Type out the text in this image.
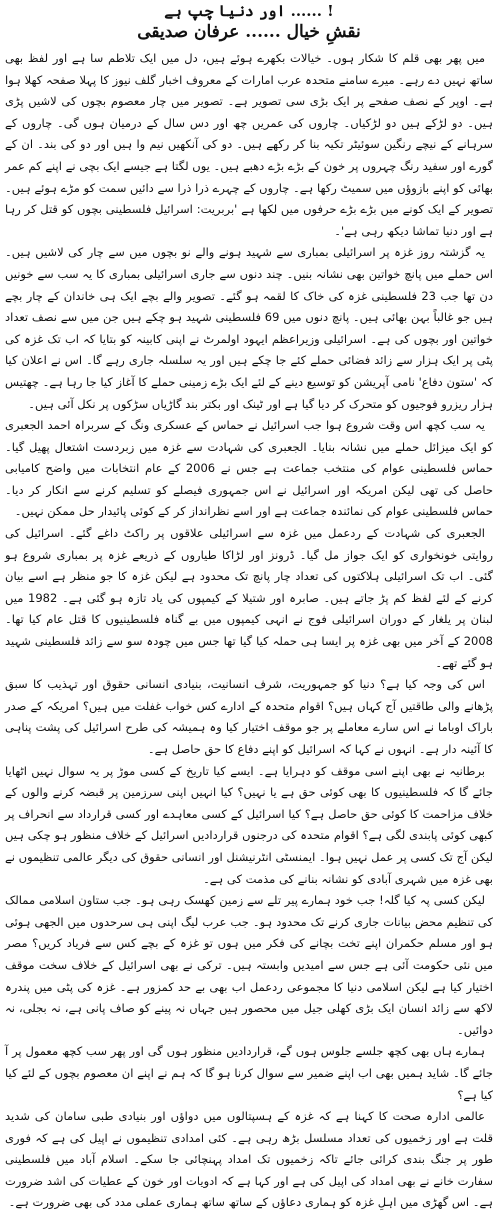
اور دنیا چپ ہے ...... !
نقشِ خیال ...... عرفان صدیقی

میں پھر بھی قلم کا شکار ہوں۔ خیالات بکھرے ہوئے ہیں، دل میں ایک تلاطم سا ہے اور لفظ بھی ساتھ نہیں دے رہے۔ میرے سامنے متحدہ عرب امارات کے معروف اخبار گلف نیوز کا پہلا صفحہ کھلا ہوا ہے۔ اوپر کے نصف صفحے پر ایک بڑی سی تصویر ہے۔ تصویر میں چار معصوم بچوں کی لاشیں پڑی ہیں۔ دو لڑکے ہیں دو لڑکیاں۔ چاروں کی عمریں چھ اور دس سال کے درمیان ہوں گی۔ چاروں کے سرہانے کے نیچے رنگین سوئیٹر تکیہ بنا کر رکھے ہیں۔ دو کی آنکھیں نیم وا ہیں اور دو کی بند۔ ان کے گورے اور سفید رنگ چہروں پر خون کے بڑے بڑے دھبے ہیں۔ یوں لگتا ہے جیسے ایک بچی نے اپنے کم عمر بھائی کو اپنے بازوؤں میں سمیٹ رکھا ہے۔ چاروں کے چہرے ذرا ذرا سے دائیں سمت کو مڑے ہوئے ہیں۔ تصویر کے ایک کونے میں بڑے بڑے حرفوں میں لکھا ہے 'بربریت: اسرائیل فلسطینی بچوں کو قتل کر رہا ہے اور دنیا تماشا دیکھ رہی ہے'۔

یہ گزشتہ روز غزہ پر اسرائیلی بمباری سے شہید ہونے والے نو بچوں میں سے چار کی لاشیں ہیں۔ اس حملے میں پانچ خواتین بھی نشانہ بنیں۔ چند دنوں سے جاری اسرائیلی بمباری کا یہ سب سے خونیں دن تھا جب 23 فلسطینی غزہ کی خاک کا لقمہ ہو گئے۔ تصویر والے بچے ایک ہی خاندان کے چار بچے ہیں جو غالباً بہن بھائی ہیں۔ پانچ دنوں میں 69 فلسطینی شہید ہو چکے ہیں جن میں سے نصف تعداد خواتین اور بچوں کی ہے۔ اسرائیلی وزیراعظم ایہود اولمرٹ نے اپنی کابینہ کو بتایا کہ اب تک غزہ کی پٹی پر ایک ہزار سے زائد فضائی حملے کئے جا چکے ہیں اور یہ سلسلہ جاری رہے گا۔ اس نے اعلان کیا کہ 'ستون دفاع' نامی آپریشن کو توسیع دینے کے لئے ایک بڑے زمینی حملے کا آغاز کیا جا رہا ہے۔ چھتیس ہزار ریزرو فوجیوں کو متحرک کر دیا گیا ہے اور ٹینک اور بکتر بند گاڑیاں سڑکوں پر نکل آئی ہیں۔

یہ سب کچھ اس وقت شروع ہوا جب اسرائیل نے حماس کے عسکری ونگ کے سربراہ احمد الجعبری کو ایک میزائل حملے میں نشانہ بنایا۔ الجعبری کی شہادت سے غزہ میں زبردست اشتعال پھیل گیا۔ حماس فلسطینی عوام کی منتخب جماعت ہے جس نے 2006 کے عام انتخابات میں واضح کامیابی حاصل کی تھی لیکن امریکہ اور اسرائیل نے اس جمہوری فیصلے کو تسلیم کرنے سے انکار کر دیا۔ حماس فلسطینی عوام کی نمائندہ جماعت ہے اور اسے نظرانداز کر کے کوئی پائیدار حل ممکن نہیں۔

الجعبری کی شہادت کے ردعمل میں غزہ سے اسرائیلی علاقوں پر راکٹ داغے گئے۔ اسرائیل کی روایتی خونخواری کو ایک جواز مل گیا۔ ڈرونز اور لڑاکا طیاروں کے ذریعے غزہ پر بمباری شروع ہو گئی۔ اب تک اسرائیلی ہلاکتوں کی تعداد چار پانچ تک محدود ہے لیکن غزہ کا جو منظر ہے اسے بیان کرنے کے لئے لفظ کم پڑ جاتے ہیں۔ صابرہ اور شتیلا کے کیمپوں کی یاد تازہ ہو گئی ہے۔ 1982 میں لبنان پر یلغار کے دوران اسرائیلی فوج نے انہی کیمپوں میں بے گناہ فلسطینیوں کا قتل عام کیا تھا۔ 2008 کے آخر میں بھی غزہ پر ایسا ہی حملہ کیا گیا تھا جس میں چودہ سو سے زائد فلسطینی شہید ہو گئے تھے۔

اس کی وجہ کیا ہے؟ دنیا کو جمہوریت، شرف انسانیت، بنیادی انسانی حقوق اور تہذیب کا سبق پڑھانے والی طاقتیں آج کہاں ہیں؟ اقوام متحدہ کے ادارے کس خواب غفلت میں ہیں؟ امریکہ کے صدر باراک اوباما نے اس سارے معاملے پر جو موقف اختیار کیا وہ ہمیشہ کی طرح اسرائیل کی پشت پناہی کا آئینہ دار ہے۔ انہوں نے کہا کہ اسرائیل کو اپنے دفاع کا حق حاصل ہے۔

برطانیہ نے بھی اپنے اسی موقف کو دہرایا ہے۔ ایسے کیا تاریخ کے کسی موڑ پر یہ سوال نہیں اٹھایا جائے گا کہ فلسطینیوں کا بھی کوئی حق ہے یا نہیں؟ کیا انہیں اپنی سرزمین پر قبضہ کرنے والوں کے خلاف مزاحمت کا کوئی حق حاصل ہے؟ کیا اسرائیل کے کسی معاہدے اور کسی قرارداد سے انحراف پر کبھی کوئی پابندی لگی ہے؟ اقوام متحدہ کی درجنوں قراردادیں اسرائیل کے خلاف منظور ہو چکی ہیں لیکن آج تک کسی پر عمل نہیں ہوا۔ ایمنسٹی انٹرنیشنل اور انسانی حقوق کی دیگر عالمی تنظیموں نے بھی غزہ میں شہری آبادی کو نشانہ بنانے کی مذمت کی ہے۔

لیکن کسی پہ کیا گلہ! جب خود ہمارے پیر تلے سے زمین کھسک رہی ہو۔ جب ستاون اسلامی ممالک کی تنظیم محض بیانات جاری کرنے تک محدود ہو۔ جب عرب لیگ اپنی ہی سرحدوں میں الجھی ہوئی ہو اور مسلم حکمران اپنے تخت بچانے کی فکر میں ہوں تو غزہ کے بچے کس سے فریاد کریں؟ مصر میں نئی حکومت آئی ہے جس سے امیدیں وابستہ ہیں۔ ترکی نے بھی اسرائیل کے خلاف سخت موقف اختیار کیا ہے لیکن اسلامی دنیا کا مجموعی ردعمل اب بھی بے حد کمزور ہے۔ غزہ کی پٹی میں پندرہ لاکھ سے زائد انسان ایک بڑی کھلی جیل میں محصور ہیں جہاں نہ پینے کو صاف پانی ہے، نہ بجلی، نہ دوائیں۔

ہمارے ہاں بھی کچھ جلسے جلوس ہوں گے، قراردادیں منظور ہوں گی اور پھر سب کچھ معمول پر آ جائے گا۔ شاید ہمیں بھی اب اپنے ضمیر سے سوال کرنا ہو گا کہ ہم نے اپنے ان معصوم بچوں کے لئے کیا کیا ہے؟

عالمی ادارہ صحت کا کہنا ہے کہ غزہ کے ہسپتالوں میں دواؤں اور بنیادی طبی سامان کی شدید قلت ہے اور زخمیوں کی تعداد مسلسل بڑھ رہی ہے۔ کئی امدادی تنظیموں نے اپیل کی ہے کہ فوری طور پر جنگ بندی کرائی جائے تاکہ زخمیوں تک امداد پہنچائی جا سکے۔ اسلام آباد میں فلسطینی سفارت خانے نے بھی امداد کی اپیل کی ہے اور کہا ہے کہ ادویات اور خون کے عطیات کی اشد ضرورت ہے۔ اس گھڑی میں اہلِ غزہ کو ہماری دعاؤں کے ساتھ ساتھ ہماری عملی مدد کی بھی ضرورت ہے۔
